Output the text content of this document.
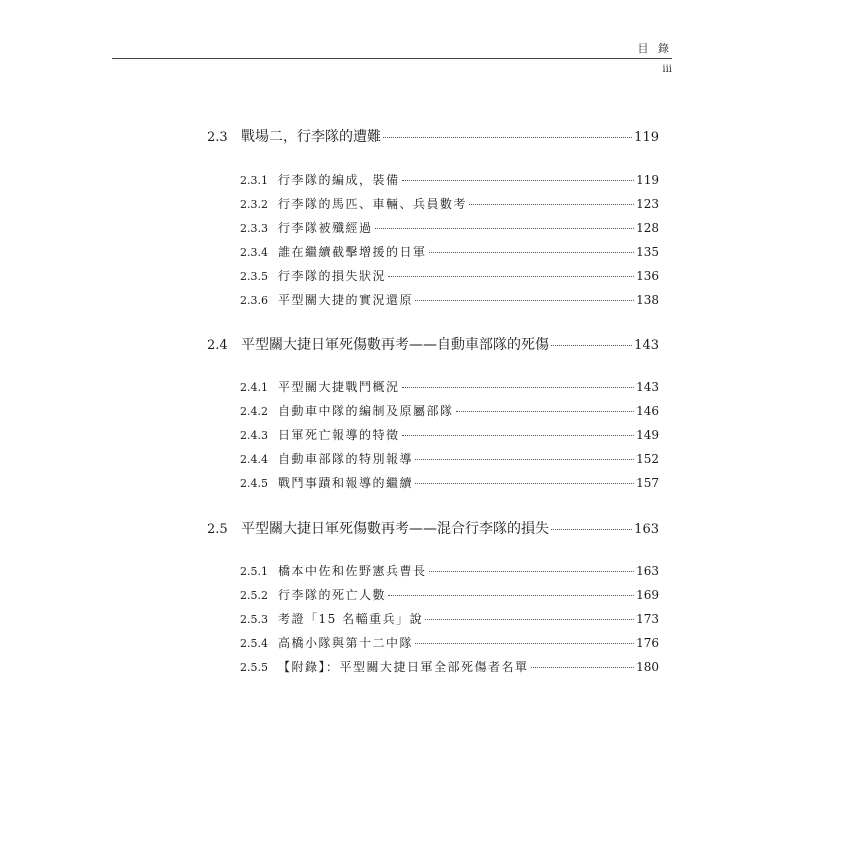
目 錄
iii
2.3 戰場二，行李隊的遭難	119
2.3.1 行李隊的編成，裝備	119
2.3.2 行李隊的馬匹、車輛、兵員數考	123
2.3.3 行李隊被殲經過	128
2.3.4 誰在繼續截擊增援的日軍	135
2.3.5 行李隊的損失狀況	136
2.3.6 平型關大捷的實況還原	138
2.4 平型關大捷日軍死傷數再考——自動車部隊的死傷	143
2.4.1 平型關大捷戰鬥概況	143
2.4.2 自動車中隊的編制及原屬部隊	146
2.4.3 日軍死亡報導的特徵	149
2.4.4 自動車部隊的特別報導	152
2.4.5 戰鬥事蹟和報導的繼續	157
2.5 平型關大捷日軍死傷數再考——混合行李隊的損失	163
2.5.1 橋本中佐和佐野憲兵曹長	163
2.5.2 行李隊的死亡人數	169
2.5.3 考證「15 名輜重兵」說	173
2.5.4 高橋小隊與第十二中隊	176
2.5.5 【附錄】：平型關大捷日軍全部死傷者名單	180
